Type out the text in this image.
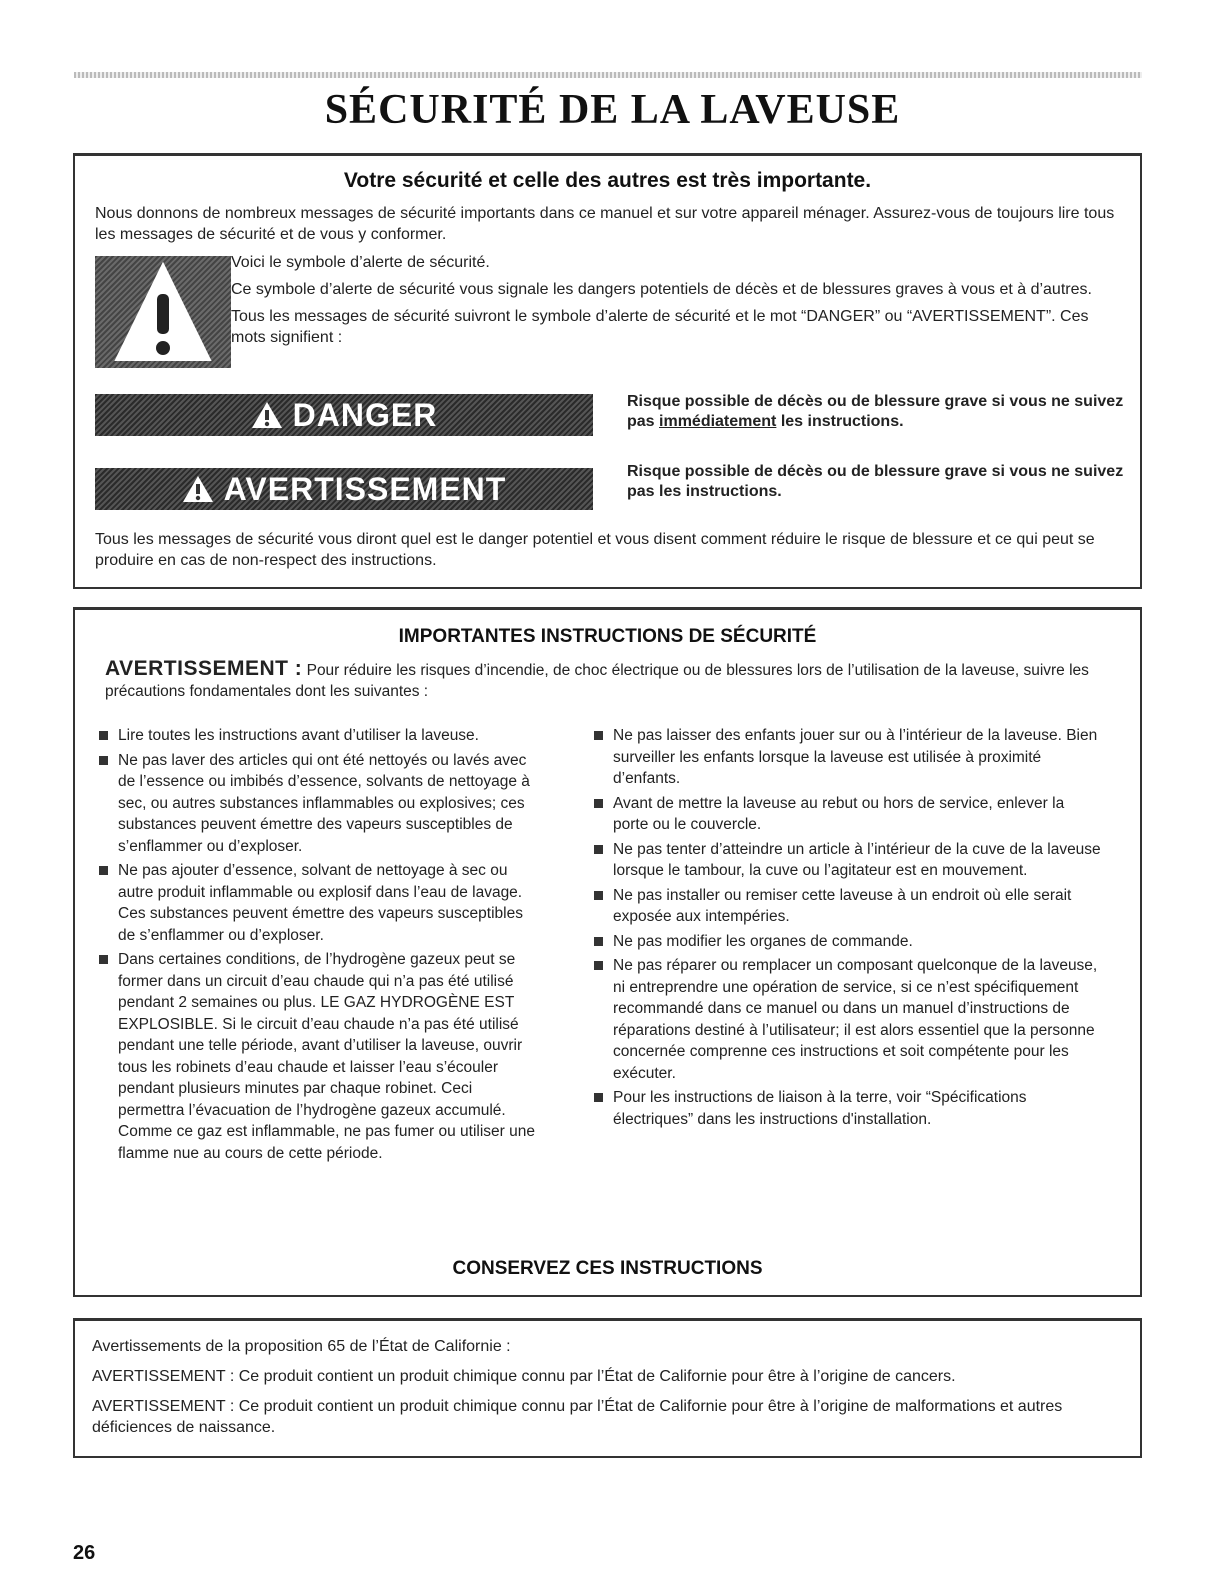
SÉCURITÉ DE LA LAVEUSE
Votre sécurité et celle des autres est très importante.
Nous donnons de nombreux messages de sécurité importants dans ce manuel et sur votre appareil ménager. Assurez-vous de toujours lire tous les messages de sécurité et de vous y conformer.

Voici le symbole d’alerte de sécurité.

Ce symbole d’alerte de sécurité vous signale les dangers potentiels de décès et de blessures graves à vous et à d’autres.

Tous les messages de sécurité suivront le symbole d’alerte de sécurité et le mot “DANGER” ou “AVERTISSEMENT”. Ces mots signifient :

DANGER	Risque possible de décès ou de blessure grave si vous ne suivez pas immédiatement les instructions.
AVERTISSEMENT	Risque possible de décès ou de blessure grave si vous ne suivez pas les instructions.
Tous les messages de sécurité vous diront quel est le danger potentiel et vous disent comment réduire le risque de blessure et ce qui peut se produire en cas de non-respect des instructions.
IMPORTANTES INSTRUCTIONS DE SÉCURITÉ
AVERTISSEMENT : Pour réduire les risques d’incendie, de choc électrique ou de blessures lors de l’utilisation de la laveuse, suivre les précautions fondamentales dont les suivantes :
Lire toutes les instructions avant d’utiliser la laveuse.
Ne pas laver des articles qui ont été nettoyés ou lavés avec de l’essence ou imbibés d’essence, solvants de nettoyage à sec, ou autres substances inflammables ou explosives; ces substances peuvent émettre des vapeurs susceptibles de s’enflammer ou d’exploser.
Ne pas ajouter d’essence, solvant de nettoyage à sec ou autre produit inflammable ou explosif dans l’eau de lavage. Ces substances peuvent émettre des vapeurs susceptibles de s’enflammer ou d’exploser.
Dans certaines conditions, de l’hydrogène gazeux peut se former dans un circuit d’eau chaude qui n’a pas été utilisé pendant 2 semaines ou plus. LE GAZ HYDROGÈNE EST EXPLOSIBLE. Si le circuit d’eau chaude n’a pas été utilisé pendant une telle période, avant d’utiliser la laveuse, ouvrir tous les robinets d’eau chaude et laisser l’eau s’écouler pendant plusieurs minutes par chaque robinet. Ceci permettra l’évacuation de l’hydrogène gazeux accumulé. Comme ce gaz est inflammable, ne pas fumer ou utiliser une flamme nue au cours de cette période.
Ne pas laisser des enfants jouer sur ou à l’intérieur de la laveuse. Bien surveiller les enfants lorsque la laveuse est utilisée à proximité d’enfants.
Avant de mettre la laveuse au rebut ou hors de service, enlever la porte ou le couvercle.
Ne pas tenter d’atteindre un article à l’intérieur de la cuve de la laveuse lorsque le tambour, la cuve ou l’agitateur est en mouvement.
Ne pas installer ou remiser cette laveuse à un endroit où elle serait exposée aux intempéries.
Ne pas modifier les organes de commande.
Ne pas réparer ou remplacer un composant quelconque de la laveuse, ni entreprendre une opération de service, si ce n’est spécifiquement recommandé dans ce manuel ou dans un manuel d’instructions de réparations destiné à l’utilisateur; il est alors essentiel que la personne concernée comprenne ces instructions et soit compétente pour les exécuter.
Pour les instructions de liaison à la terre, voir “Spécifications électriques” dans les instructions d'installation.
CONSERVEZ CES INSTRUCTIONS

Avertissements de la proposition 65 de l’État de Californie :

AVERTISSEMENT : Ce produit contient un produit chimique connu par l’État de Californie pour être à l’origine de cancers.

AVERTISSEMENT : Ce produit contient un produit chimique connu par l’État de Californie pour être à l’origine de malformations et autres déficiences de naissance.

26
